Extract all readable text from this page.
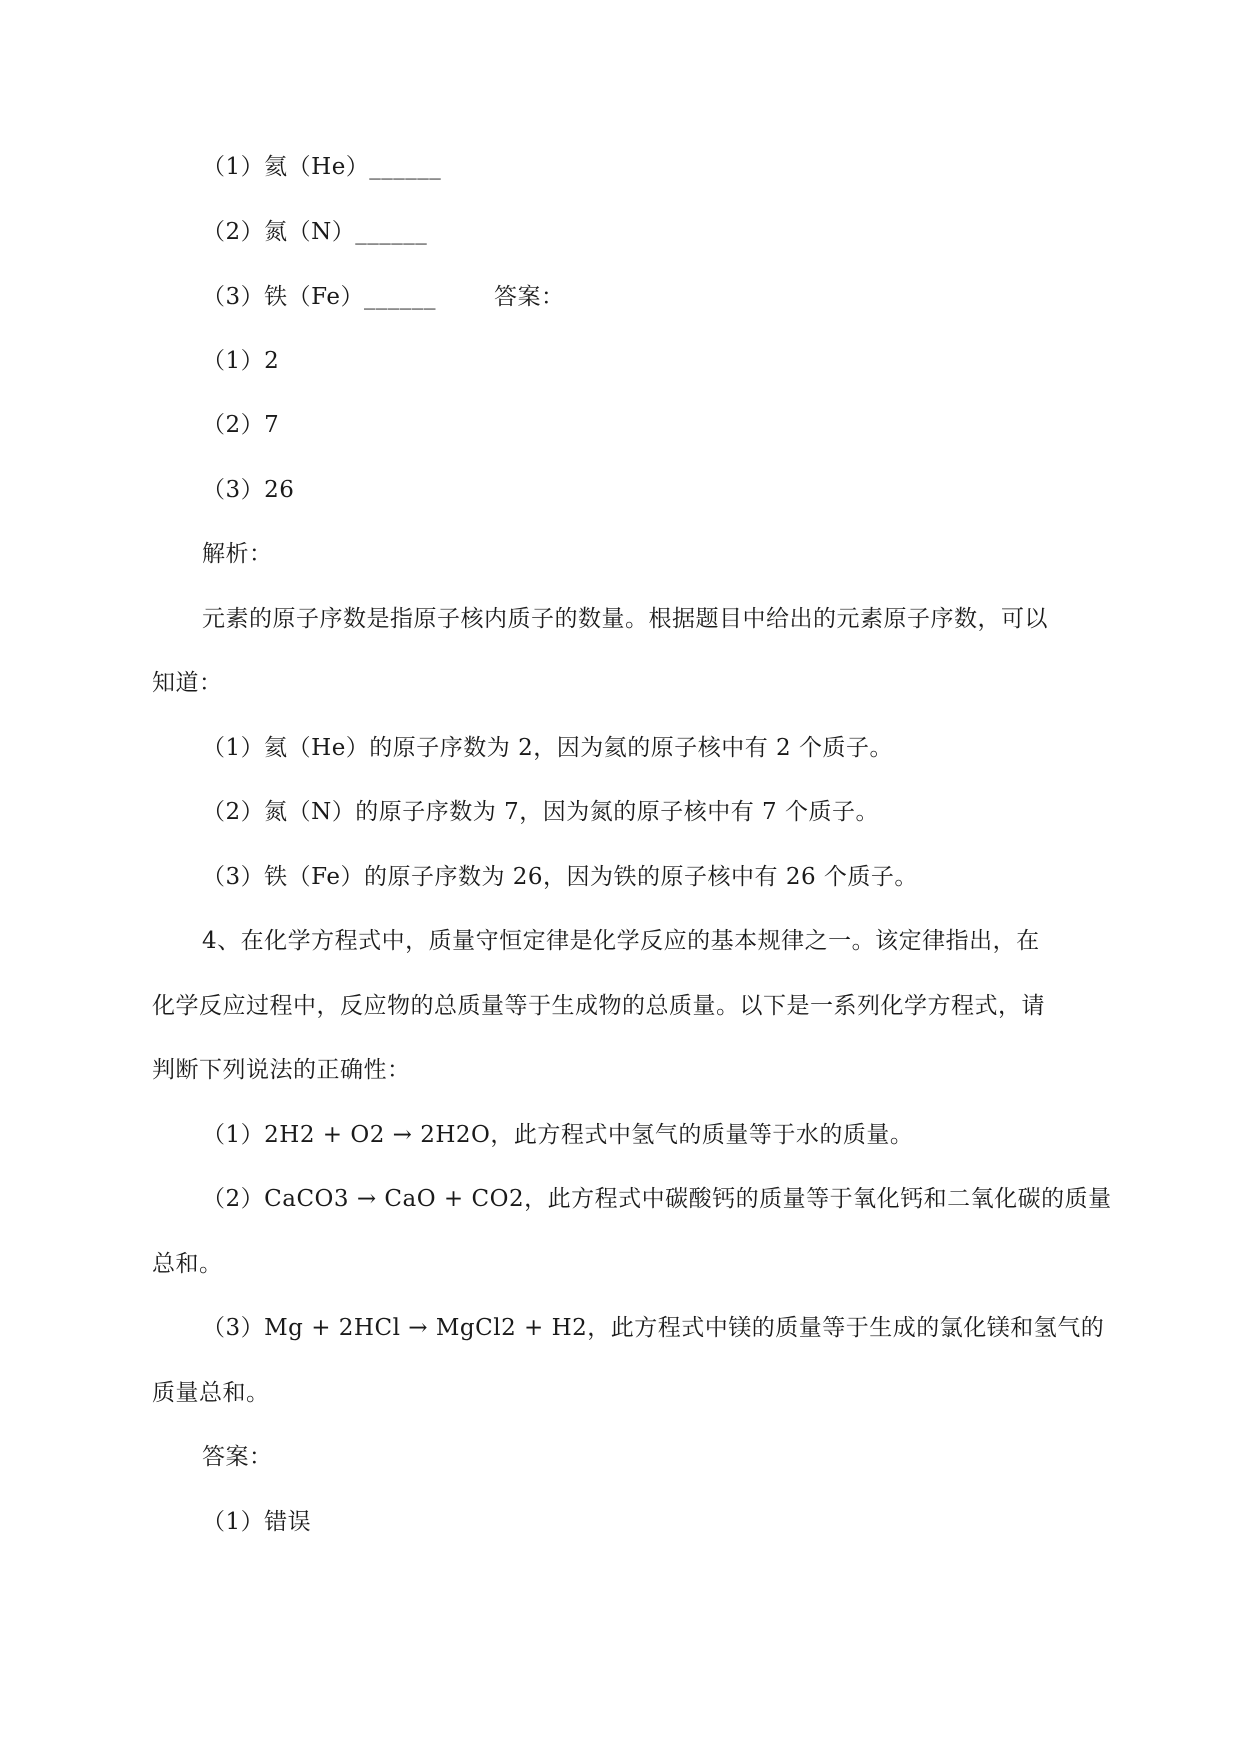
（1）氦（He）______
（2）氮（N）______
（3）铁（Fe）______	答案：
（1）2
（2）7
（3）26
解析：
元素的原子序数是指原子核内质子的数量。根据题目中给出的元素原子序数，可以
知道：
（1）氦（He）的原子序数为 2，因为氦的原子核中有 2 个质子。
（2）氮（N）的原子序数为 7，因为氮的原子核中有 7 个质子。
（3）铁（Fe）的原子序数为 26，因为铁的原子核中有 26 个质子。
4、在化学方程式中，质量守恒定律是化学反应的基本规律之一。该定律指出，在
化学反应过程中，反应物的总质量等于生成物的总质量。以下是一系列化学方程式，请
判断下列说法的正确性：
（1）2H2 + O2 → 2H2O，此方程式中氢气的质量等于水的质量。
（2）CaCO3 → CaO + CO2，此方程式中碳酸钙的质量等于氧化钙和二氧化碳的质量
总和。
（3）Mg + 2HCl → MgCl2 + H2，此方程式中镁的质量等于生成的氯化镁和氢气的
质量总和。
答案：
（1）错误
